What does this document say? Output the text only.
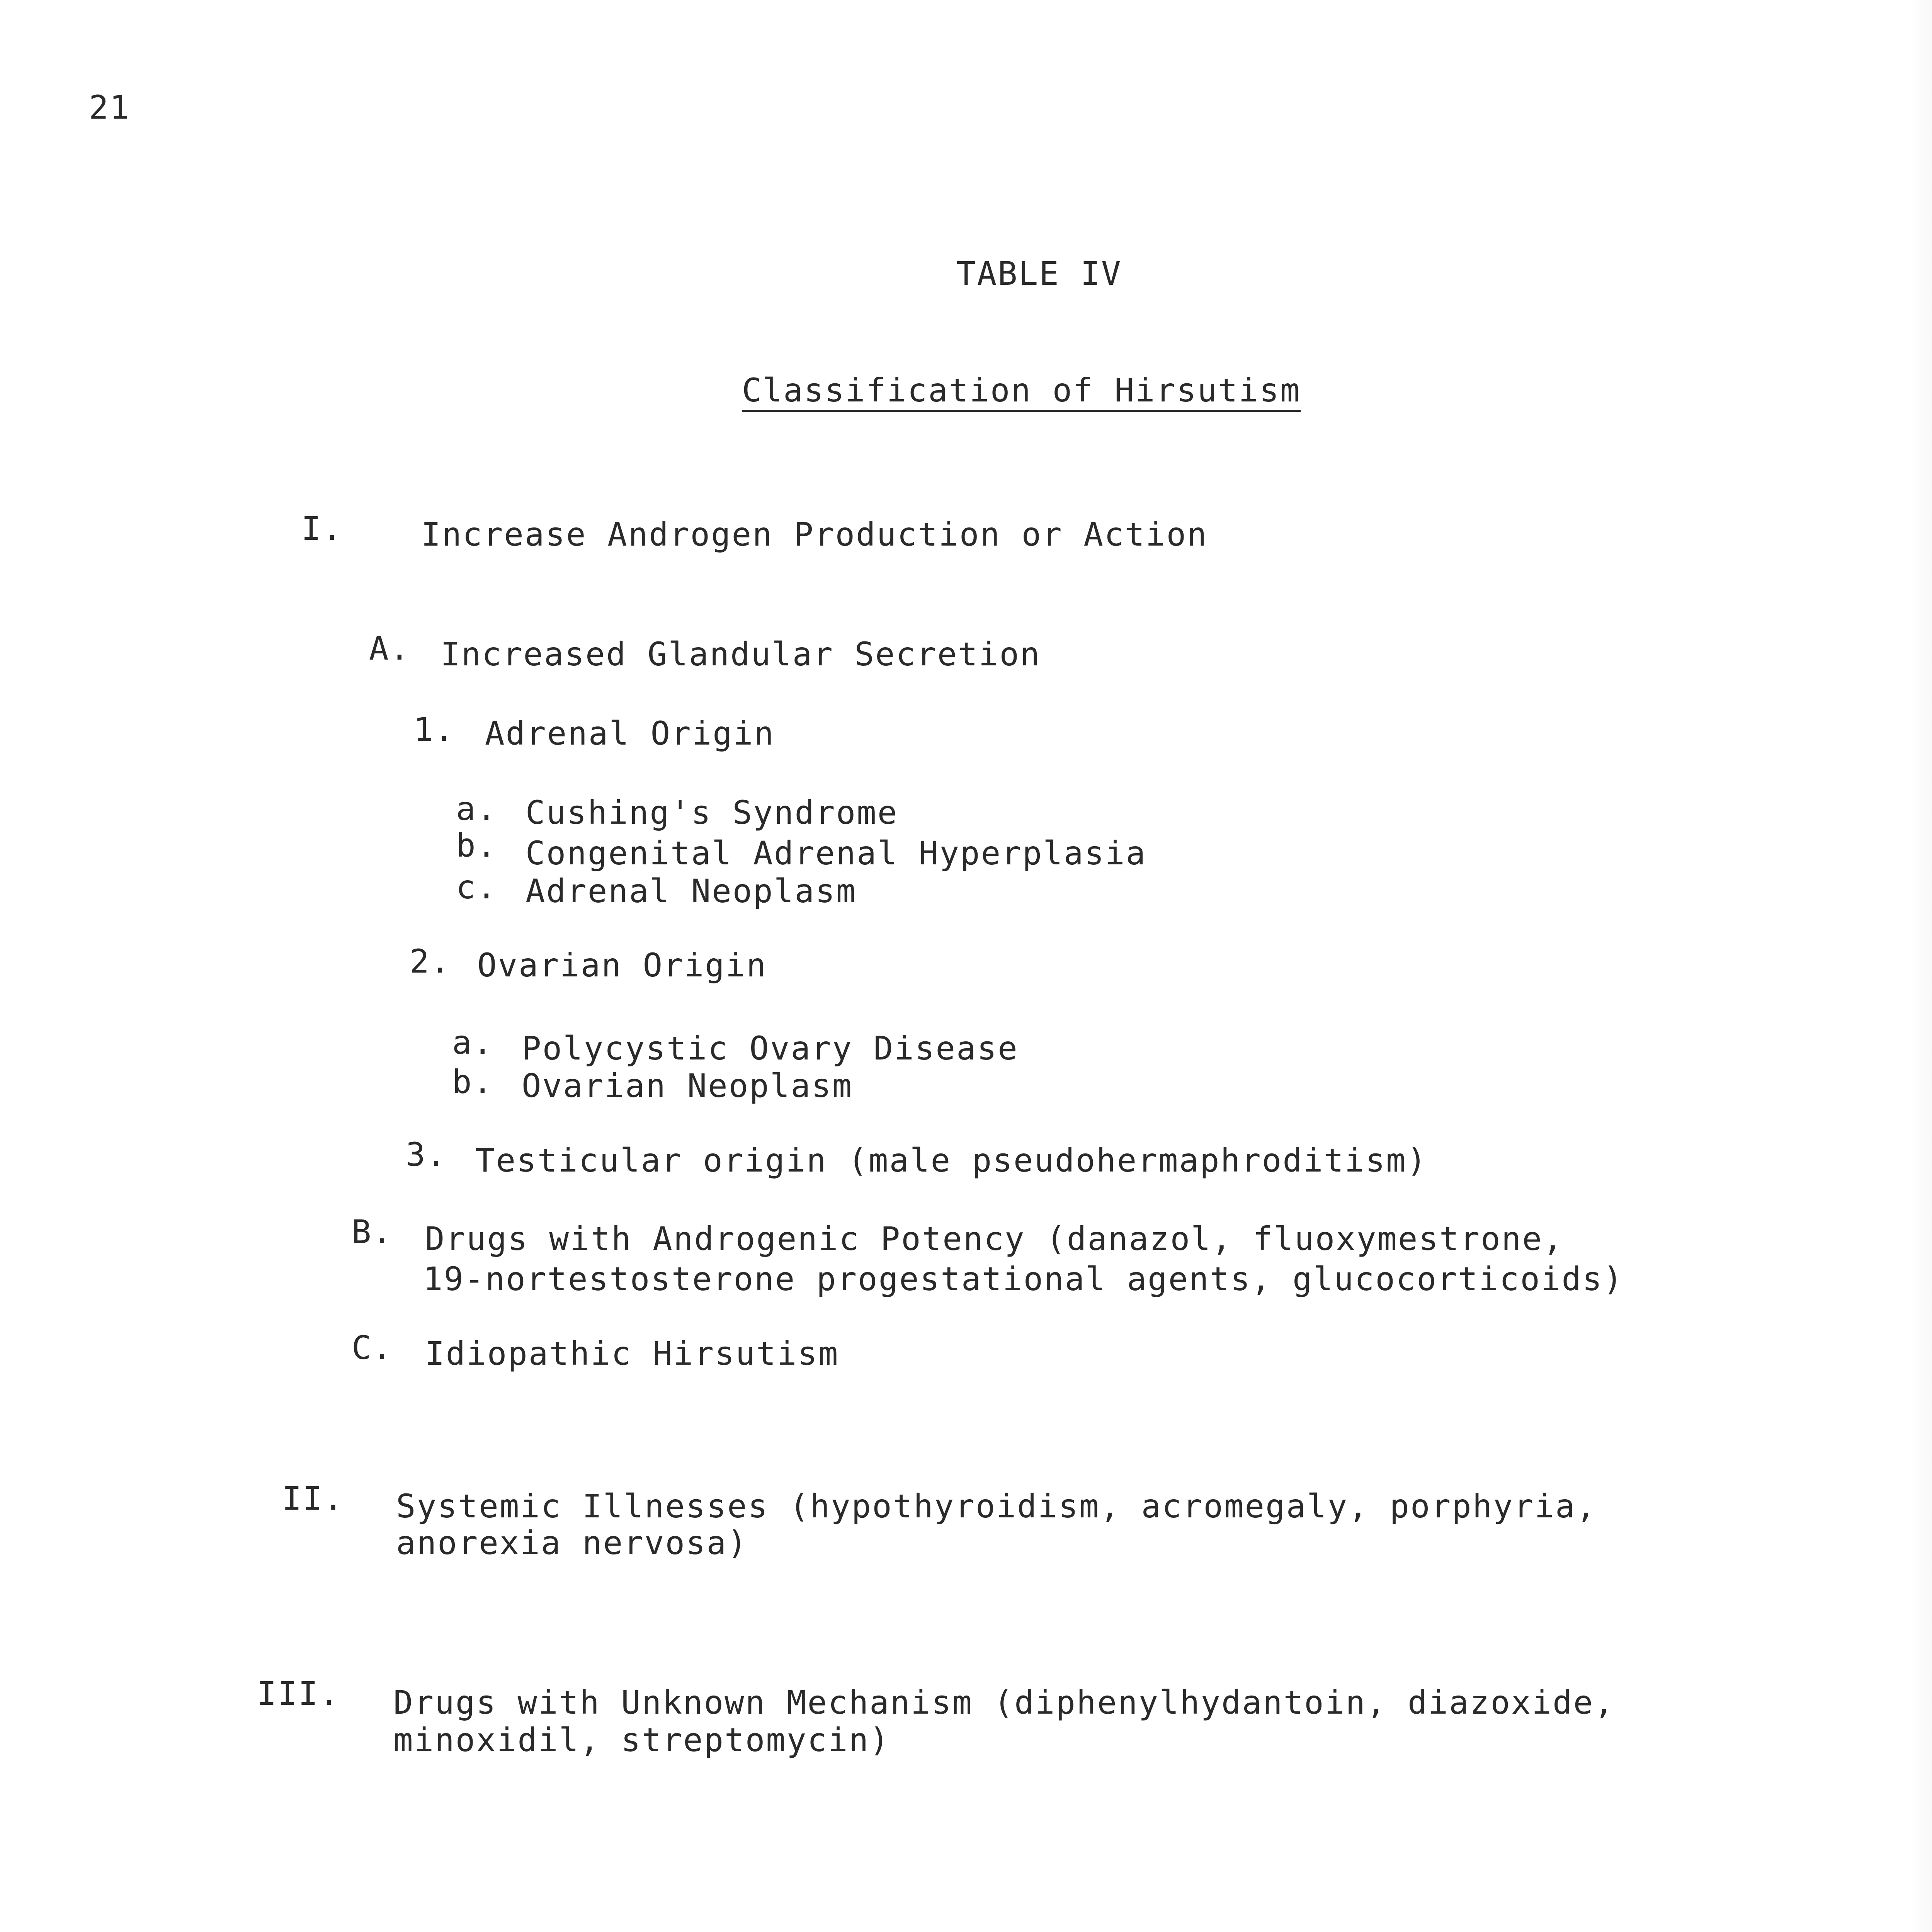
21
TABLE IV
Classification of Hirsutism
I.	Increase Androgen Production or Action
A. Increased Glandular Secretion
1. Adrenal Origin
a. Cushing's Syndrome
b. Congenital Adrenal Hyperplasia
c. Adrenal Neoplasm
2. Ovarian Origin
a. Polycystic Ovary Disease
b. Ovarian Neoplasm
3. Testicular origin (male pseudohermaphroditism)
B. Drugs with Androgenic Potency (danazol, fluoxymestrone,
19-nortestosterone progestational agents, glucocorticoids)
C. Idiopathic Hirsutism
II. Systemic Illnesses (hypothyroidism, acromegaly, porphyria,
anorexia nervosa)
III. Drugs with Unknown Mechanism (diphenylhydantoin, diazoxide,
minoxidil, streptomycin)
